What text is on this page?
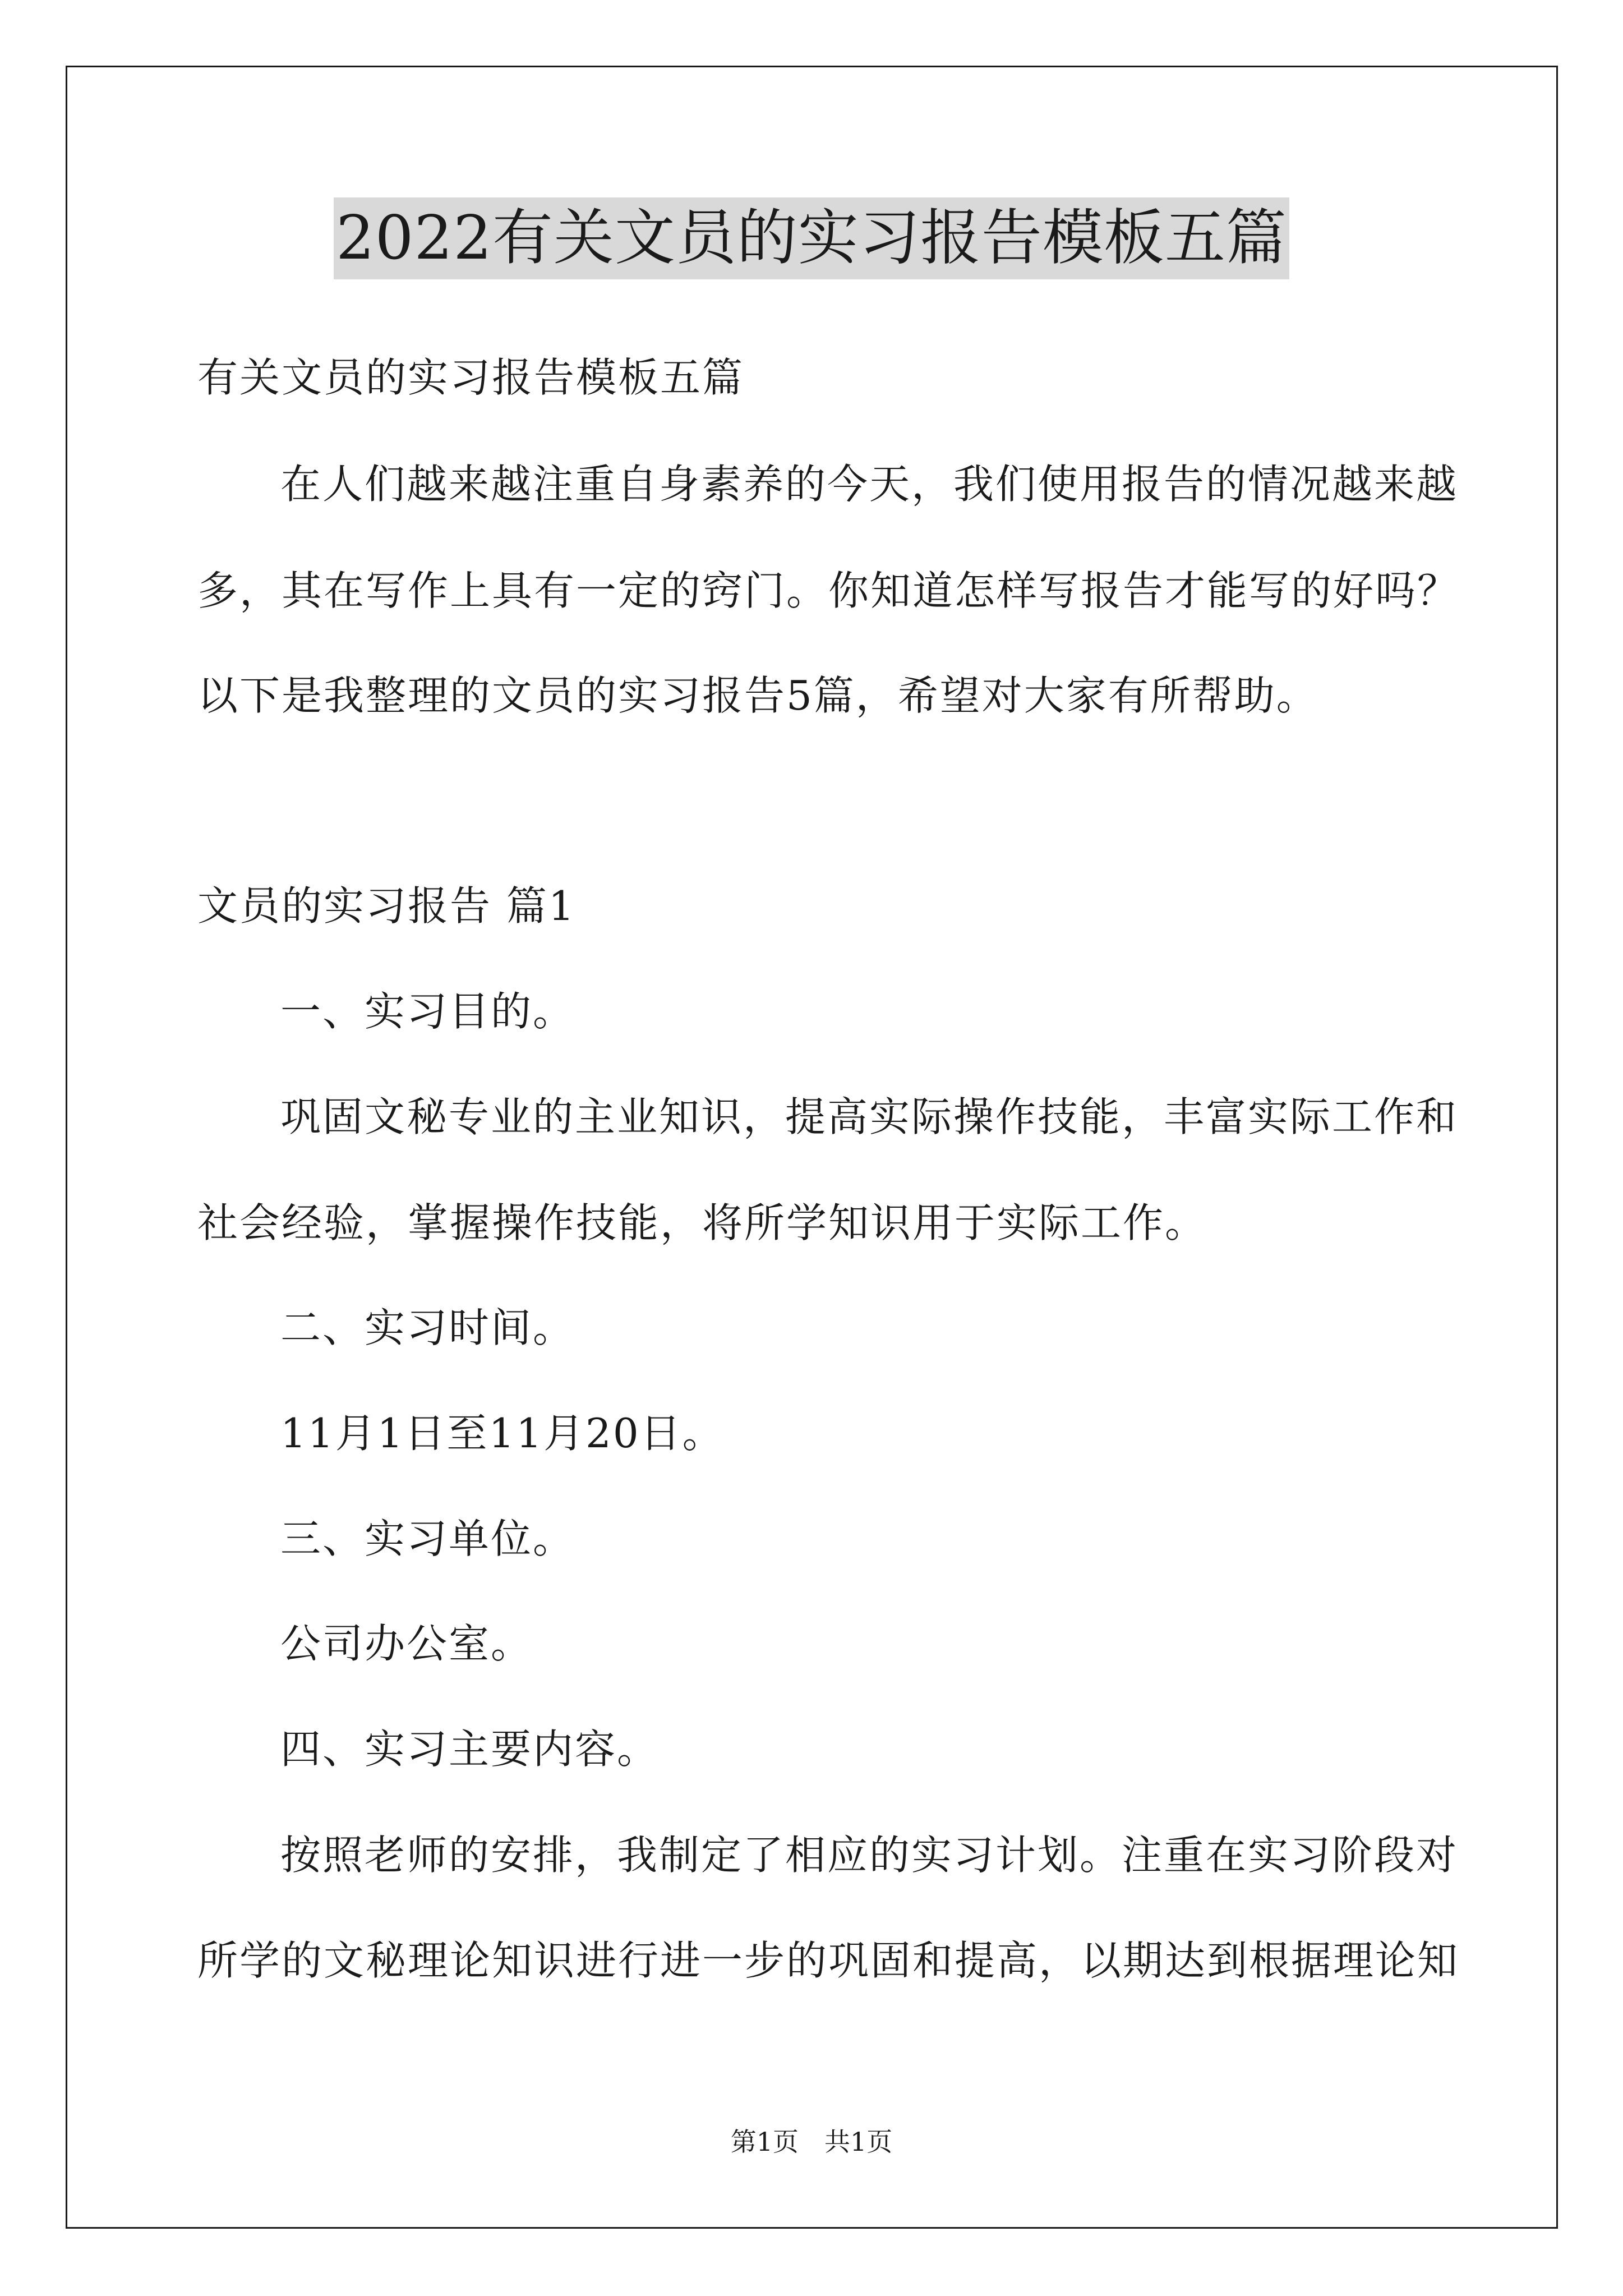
2022有关文员的实习报告模板五篇
有关文员的实习报告模板五篇
在人们越来越注重自身素养的今天，我们使用报告的情况越来越
多，其在写作上具有一定的窍门。你知道怎样写报告才能写的好吗？
以下是我整理的文员的实习报告5篇，希望对大家有所帮助。
文员的实习报告 篇1
一、实习目的。
巩固文秘专业的主业知识，提高实际操作技能，丰富实际工作和
社会经验，掌握操作技能，将所学知识用于实际工作。
二、实习时间。
11月1日至11月20日。
三、实习单位。
公司办公室。
四、实习主要内容。
按照老师的安排，我制定了相应的实习计划。注重在实习阶段对
所学的文秘理论知识进行进一步的巩固和提高，以期达到根据理论知
第1页　共1页
